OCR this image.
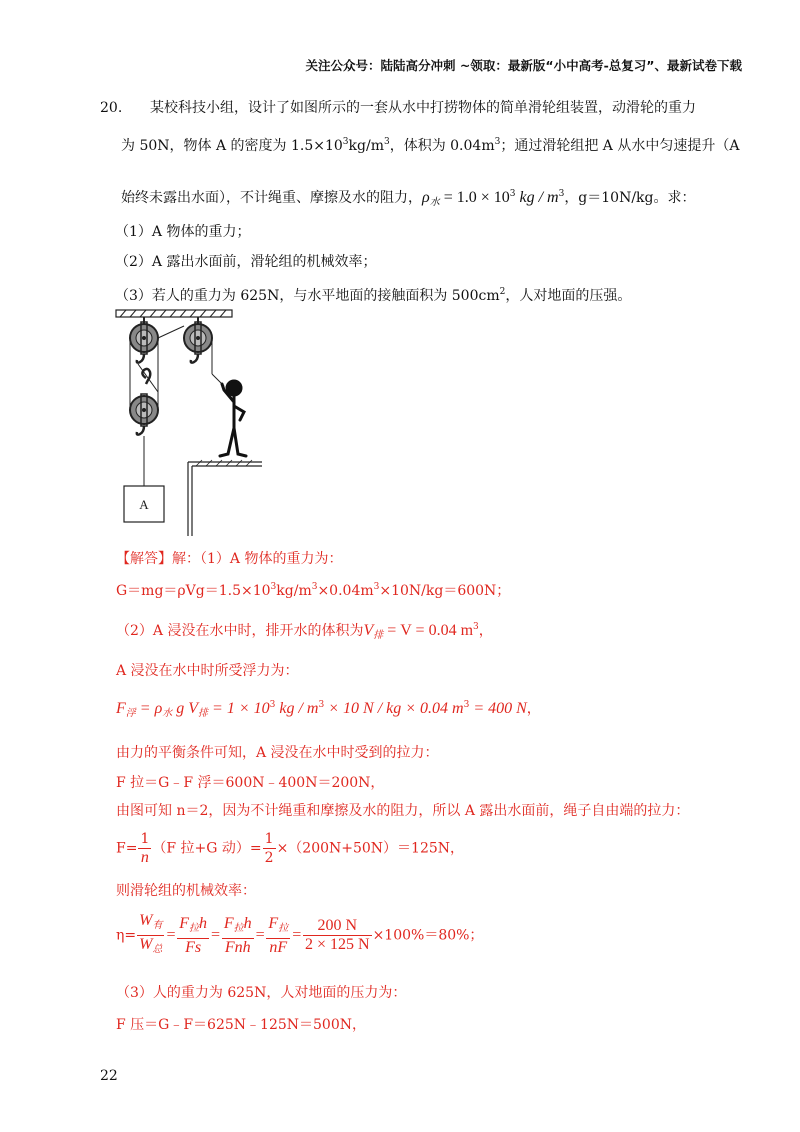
关注公众号：陆陆高分冲刺 ~领取：最新版“小中高考-总复习”、最新试卷下载
20. 某校科技小组，设计了如图所示的一套从水中打捞物体的简单滑轮组装置，动滑轮的重力
为 50N，物体 A 的密度为 $1.5\times 10^3kg/m^3$，体积为 $0.04m^3$；通过滑轮组把 A 从水中匀速提升（A
始终未露出水面），不计绳重、摩擦及水的阻力，$\rho_水 = 1.0 \times 10^3$ kg / $m^3$，g＝10N/kg。求：
（1）A 物体的重力；
（2）A 露出水面前，滑轮组的机械效率；
（3）若人的重力为 625N，与水平地面的接触面积为 $500cm^2$，人对地面的压强。
A
【解答】解：（1）A 物体的重力为：
$G=mg=\rho Vg=1.5\times 10^3kg/m^3\times 0.04m^3\times 10N/kg=600N$；
（2）A 浸没在水中时，排开水的体积为$V_排 = V = 0.04$ $m^3$，
A 浸没在水中时所受浮力为：
$F_浮 = \rho_水$ g $V_排 = 1 \times 10^3$ kg / $m^3 \times 10$ N / kg × 0.04 $m^3 = 400$ N，
由力的平衡条件可知，A 浸没在水中时受到的拉力：
F 拉＝G﹣F 浮＝600N﹣400N＝200N，
由图可知 n＝2，因为不计绳重和摩擦及水的阻力，所以 A 露出水面前，绳子自由端的拉力：
$F= \frac{1}{n} (F$ 拉+G 动）= $\frac{1}{2} \times(200N+50N)=125N$，
则滑轮组的机械效率：
$\eta= \frac{W_有}{W_总} = \frac{F_拉h}{Fs} = \frac{F_拉h}{\text{Fnh}} = \frac{F_拉}{nF} = \frac{200 N}{2 \times 125 N} \times 100\%=80\%$；
（3）人的重力为 625N，人对地面的压力为：
F 压＝G﹣F＝625N﹣125N＝500N，
22
